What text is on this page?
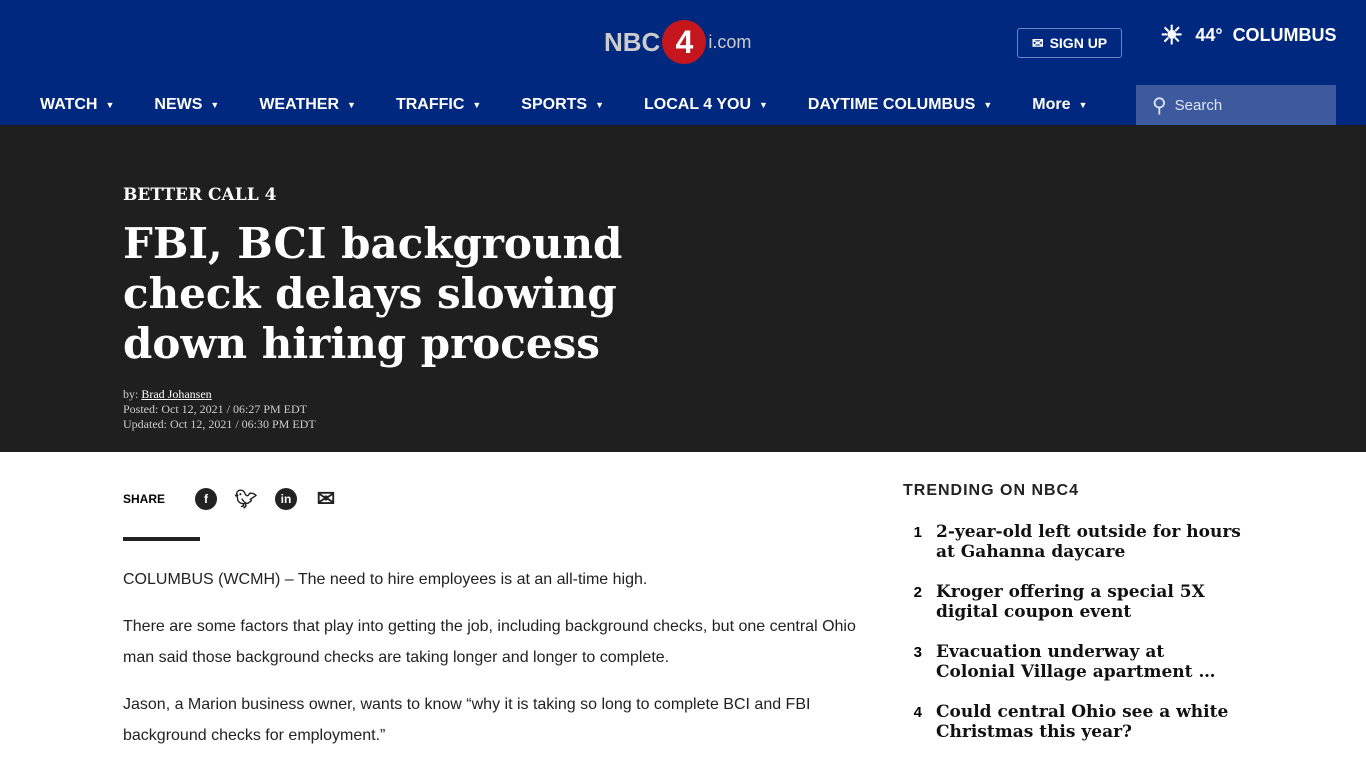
NBC 4 i.com	✉ SIGN UP ☀ 44° COLUMBUS
WATCH ▼	NEWS ▼	WEATHER ▼	TRAFFIC ▼	SPORTS ▼	LOCAL 4 YOU ▼	DAYTIME COLUMBUS ▼	More ▼	⚲ Search
BETTER CALL 4
FBI, BCI background check delays slowing down hiring process
by: Brad Johansen
Posted: Oct 12, 2021 / 06:27 PM EDT
Updated: Oct 12, 2021 / 06:30 PM EDT
SHARE	f	🐦︎	in ✉

COLUMBUS (WCMH) – The need to hire employees is at an all-time high.

There are some factors that play into getting the job, including background checks, but one central Ohio man said those background checks are taking longer and longer to complete.

Jason, a Marion business owner, wants to know “why it is taking so long to complete BCI and FBI background checks for employment.”

TRENDING ON NBC4
1 2-year-old left outside for hours at Gahanna daycare
2 Kroger offering a special 5X digital coupon event
3 Evacuation underway at Colonial Village apartment …
4 Could central Ohio see a white Christmas this year?
